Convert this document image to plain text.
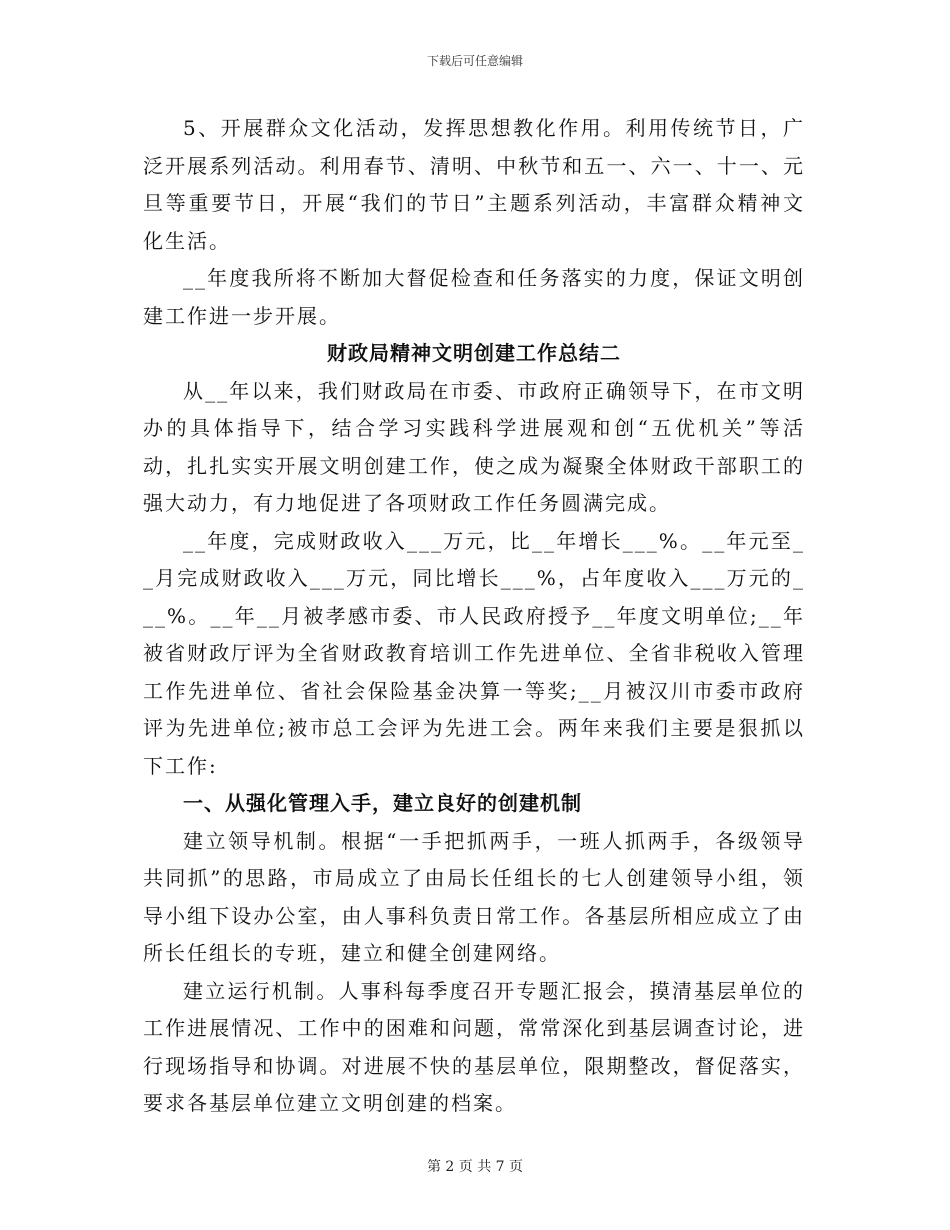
下载后可任意编辑

5、开展群众文化活动，发挥思想教化作用。利用传统节日，广泛开展系列活动。利用春节、清明、中秋节和五一、六一、十一、元旦等重要节日，开展“我们的节日”主题系列活动，丰富群众精神文化生活。

__年度我所将不断加大督促检查和任务落实的力度，保证文明创建工作进一步开展。

财政局精神文明创建工作总结二

从__年以来，我们财政局在市委、市政府正确领导下，在市文明办的具体指导下，结合学习实践科学进展观和创“五优机关”等活动，扎扎实实开展文明创建工作，使之成为凝聚全体财政干部职工的强大动力，有力地促进了各项财政工作任务圆满完成。

__年度，完成财政收入___万元，比__年增长___%。__年元至__月完成财政收入___万元，同比增长___%，占年度收入___万元的___%。__年__月被孝感市委、市人民政府授予__年度文明单位;__年被省财政厅评为全省财政教育培训工作先进单位、全省非税收入管理工作先进单位、省社会保险基金决算一等奖;__月被汉川市委市政府评为先进单位;被市总工会评为先进工会。两年来我们主要是狠抓以下工作:

一、从强化管理入手，建立良好的创建机制

建立领导机制。根据“一手把抓两手，一班人抓两手，各级领导共同抓”的思路，市局成立了由局长任组长的七人创建领导小组，领导小组下设办公室，由人事科负责日常工作。各基层所相应成立了由所长任组长的专班，建立和健全创建网络。

建立运行机制。人事科每季度召开专题汇报会，摸清基层单位的工作进展情况、工作中的困难和问题，常常深化到基层调查讨论，进行现场指导和协调。对进展不快的基层单位，限期整改，督促落实，要求各基层单位建立文明创建的档案。

第 2 页 共 7 页
